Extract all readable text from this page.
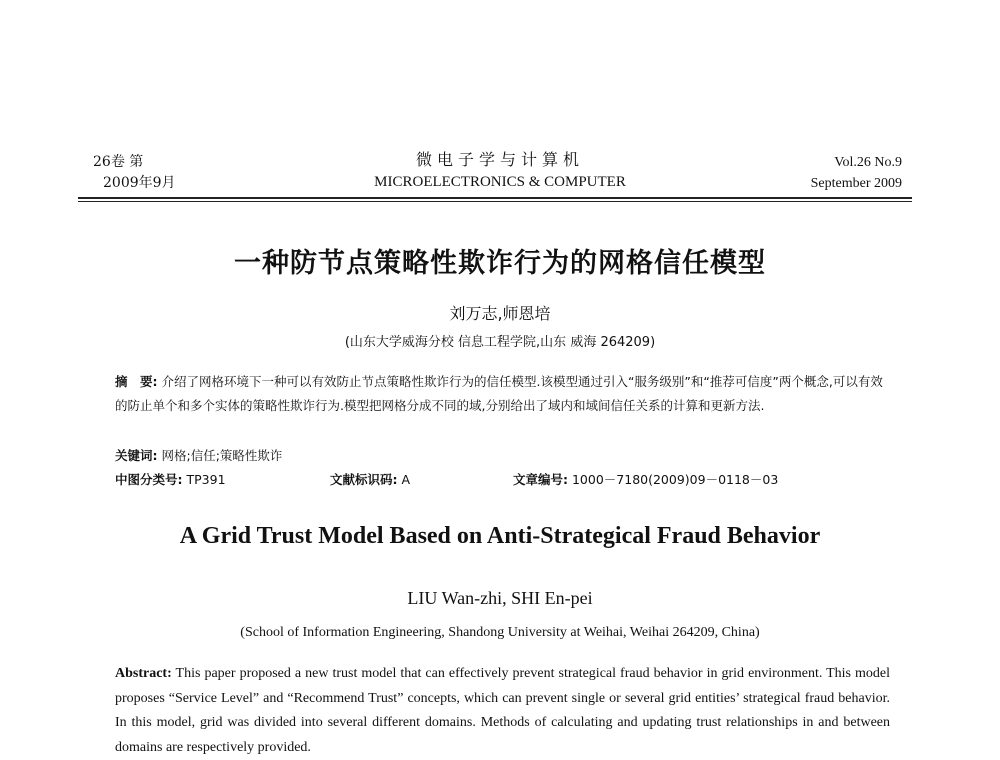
26卷 第
2009年9月
微电子学与计算机
MICROELECTRONICS & COMPUTER
Vol.26 No.9
September 2009
一种防节点策略性欺诈行为的网格信任模型
刘万志,师恩培
(山东大学威海分校 信息工程学院,山东 威海 264209)
摘　要: 介绍了网格环境下一种可以有效防止节点策略性欺诈行为的信任模型.该模型通过引入“服务级别”和“推荐可信度”两个概念,可以有效的防止单个和多个实体的策略性欺诈行为.模型把网格分成不同的域,分别给出了域内和域间信任关系的计算和更新方法.
关键词: 网格;信任;策略性欺诈
中图分类号: TP391	文献标识码: A	文章编号: 1000－7180(2009)09－0118－03
A Grid Trust Model Based on Anti-Strategical Fraud Behavior
LIU Wan-zhi, SHI En-pei
(School of Information Engineering, Shandong University at Weihai, Weihai 264209, China)
Abstract: This paper proposed a new trust model that can effectively prevent strategical fraud behavior in grid environment. This model proposes “Service Level” and “Recommend Trust” concepts, which can prevent single or several grid entities’ strategical fraud behavior. In this model, grid was divided into several different domains. Methods of calculating and updating trust relationships in and between domains are respectively provided.
